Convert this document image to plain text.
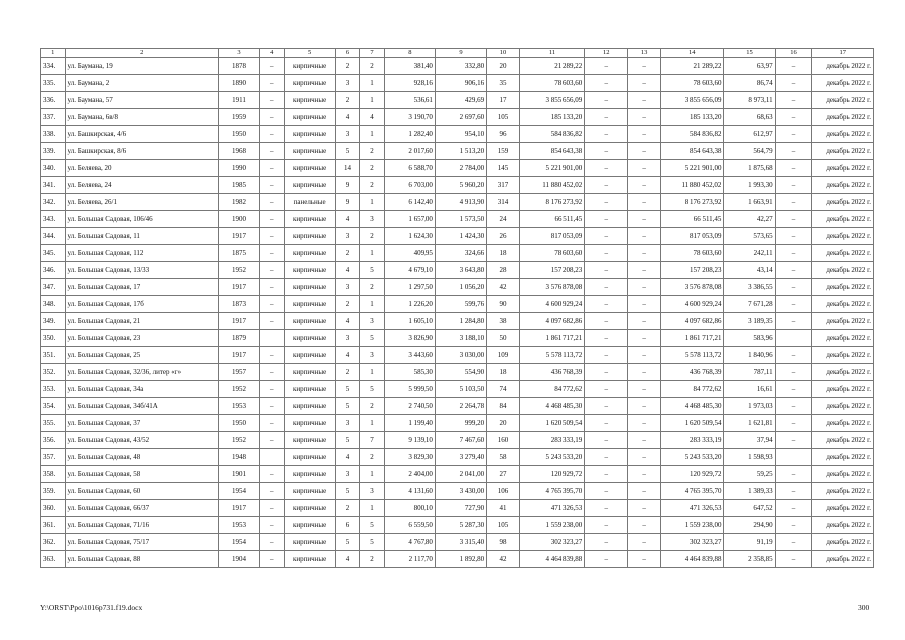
1	2	3	4	5	6	7	8	9	10	11	12	13	14	15	16	17
334.	ул. Баумана, 19	1878	–	кирпичные	2	2	381,40	332,80	20	21 289,22	–	–	21 289,22	63,97	–	декабрь 2022 г.
335.	ул. Баумана, 2	1890	–	кирпичные	3	1	928,16	906,16	35	78 603,60	–	–	78 603,60	86,74	–	декабрь 2022 г.
336.	ул. Баумана, 57	1911	–	кирпичные	2	1	536,61	429,69	17	3 855 656,09	–	–	3 855 656,09	8 973,11	–	декабрь 2022 г.
337.	ул. Баумана, 6в/8	1959	–	кирпичные	4	4	3 190,70	2 697,60	105	185 133,20	–	–	185 133,20	68,63	–	декабрь 2022 г.
338.	ул. Башкирская, 4/6	1950	–	кирпичные	3	1	1 282,40	954,10	96	584 836,82	–	–	584 836,82	612,97	–	декабрь 2022 г.
339.	ул. Башкирская, 8/6	1968	–	кирпичные	5	2	2 017,60	1 513,20	159	854 643,38	–	–	854 643,38	564,79	–	декабрь 2022 г.
340.	ул. Беляева, 20	1990	–	кирпичные	14	2	6 588,70	2 784,00	145	5 221 901,00	–	–	5 221 901,00	1 875,68	–	декабрь 2022 г.
341.	ул. Беляева, 24	1985	–	кирпичные	9	2	6 703,00	5 960,20	317	11 880 452,02	–	–	11 880 452,02	1 993,30	–	декабрь 2022 г.
342.	ул. Беляева, 26/1	1982	–	панельные	9	1	6 142,40	4 913,90	314	8 176 273,92	–	–	8 176 273,92	1 663,91	–	декабрь 2022 г.
343.	ул. Большая Садовая, 106/46	1900	–	кирпичные	4	3	1 657,00	1 573,50	24	66 511,45	–	–	66 511,45	42,27	–	декабрь 2022 г.
344.	ул. Большая Садовая, 11	1917	–	кирпичные	3	2	1 624,30	1 424,30	26	817 053,09	–	–	817 053,09	573,65	–	декабрь 2022 г.
345.	ул. Большая Садовая, 112	1875	–	кирпичные	2	1	409,95	324,66	18	78 603,60	–	–	78 603,60	242,11	–	декабрь 2022 г.
346.	ул. Большая Садовая, 13/33	1952	–	кирпичные	4	5	4 679,10	3 643,80	28	157 208,23	–	–	157 208,23	43,14	–	декабрь 2022 г.
347.	ул. Большая Садовая, 17	1917	–	кирпичные	3	2	1 297,50	1 056,20	42	3 576 878,08	–	–	3 576 878,08	3 386,55	–	декабрь 2022 г.
348.	ул. Большая Садовая, 17б	1873	–	кирпичные	2	1	1 226,20	599,76	90	4 600 929,24	–	–	4 600 929,24	7 671,28	–	декабрь 2022 г.
349.	ул. Большая Садовая, 21	1917	–	кирпичные	4	3	1 605,10	1 284,80	38	4 097 682,86	–	–	4 097 682,86	3 189,35	–	декабрь 2022 г.
350.	ул. Большая Садовая, 23	1879		кирпичные	3	5	3 826,90	3 188,10	50	1 861 717,21	–	–	1 861 717,21	583,96		декабрь 2022 г.
351.	ул. Большая Садовая, 25	1917	–	кирпичные	4	3	3 443,60	3 030,00	109	5 578 113,72	–	–	5 578 113,72	1 840,96	–	декабрь 2022 г.
352.	ул. Большая Садовая, 32/36, литер «г»	1957	–	кирпичные	2	1	585,30	554,90	18	436 768,39	–	–	436 768,39	787,11	–	декабрь 2022 г.
353.	ул. Большая Садовая, 34а	1952	–	кирпичные	5	5	5 999,50	5 103,50	74	84 772,62	–	–	84 772,62	16,61	–	декабрь 2022 г.
354.	ул. Большая Садовая, 34б/41А	1953	–	кирпичные	5	2	2 740,50	2 264,78	84	4 468 485,30	–	–	4 468 485,30	1 973,03	–	декабрь 2022 г.
355.	ул. Большая Садовая, 37	1950	–	кирпичные	3	1	1 199,40	999,20	20	1 620 509,54	–	–	1 620 509,54	1 621,81	–	декабрь 2022 г.
356.	ул. Большая Садовая, 43/52	1952	–	кирпичные	5	7	9 139,10	7 467,60	160	283 333,19	–	–	283 333,19	37,94	–	декабрь 2022 г.
357.	ул. Большая Садовая, 48	1948		кирпичные	4	2	3 829,30	3 279,40	58	5 243 533,20	–	–	5 243 533,20	1 598,93		декабрь 2022 г.
358.	ул. Большая Садовая, 58	1901	–	кирпичные	3	1	2 404,00	2 041,00	27	120 929,72	–	–	120 929,72	59,25	–	декабрь 2022 г.
359.	ул. Большая Садовая, 60	1954	–	кирпичные	5	3	4 131,60	3 430,00	106	4 765 395,70	–	–	4 765 395,70	1 389,33	–	декабрь 2022 г.
360.	ул. Большая Садовая, 66/37	1917	–	кирпичные	2	1	800,10	727,90	41	471 326,53	–	–	471 326,53	647,52	–	декабрь 2022 г.
361.	ул. Большая Садовая, 71/16	1953	–	кирпичные	6	5	6 559,50	5 287,30	105	1 559 238,00	–	–	1 559 238,00	294,90	–	декабрь 2022 г.
362.	ул. Большая Садовая, 75/17	1954	–	кирпичные	5	5	4 767,80	3 315,40	98	302 323,27	–	–	302 323,27	91,19	–	декабрь 2022 г.
363.	ул. Большая Садовая, 88	1904	–	кирпичные	4	2	2 117,70	1 892,80	42	4 464 839,88	–	–	4 464 839,88	2 358,85	–	декабрь 2022 г.
Y:\ORST\Ppo\1016p731.f19.docx	300
